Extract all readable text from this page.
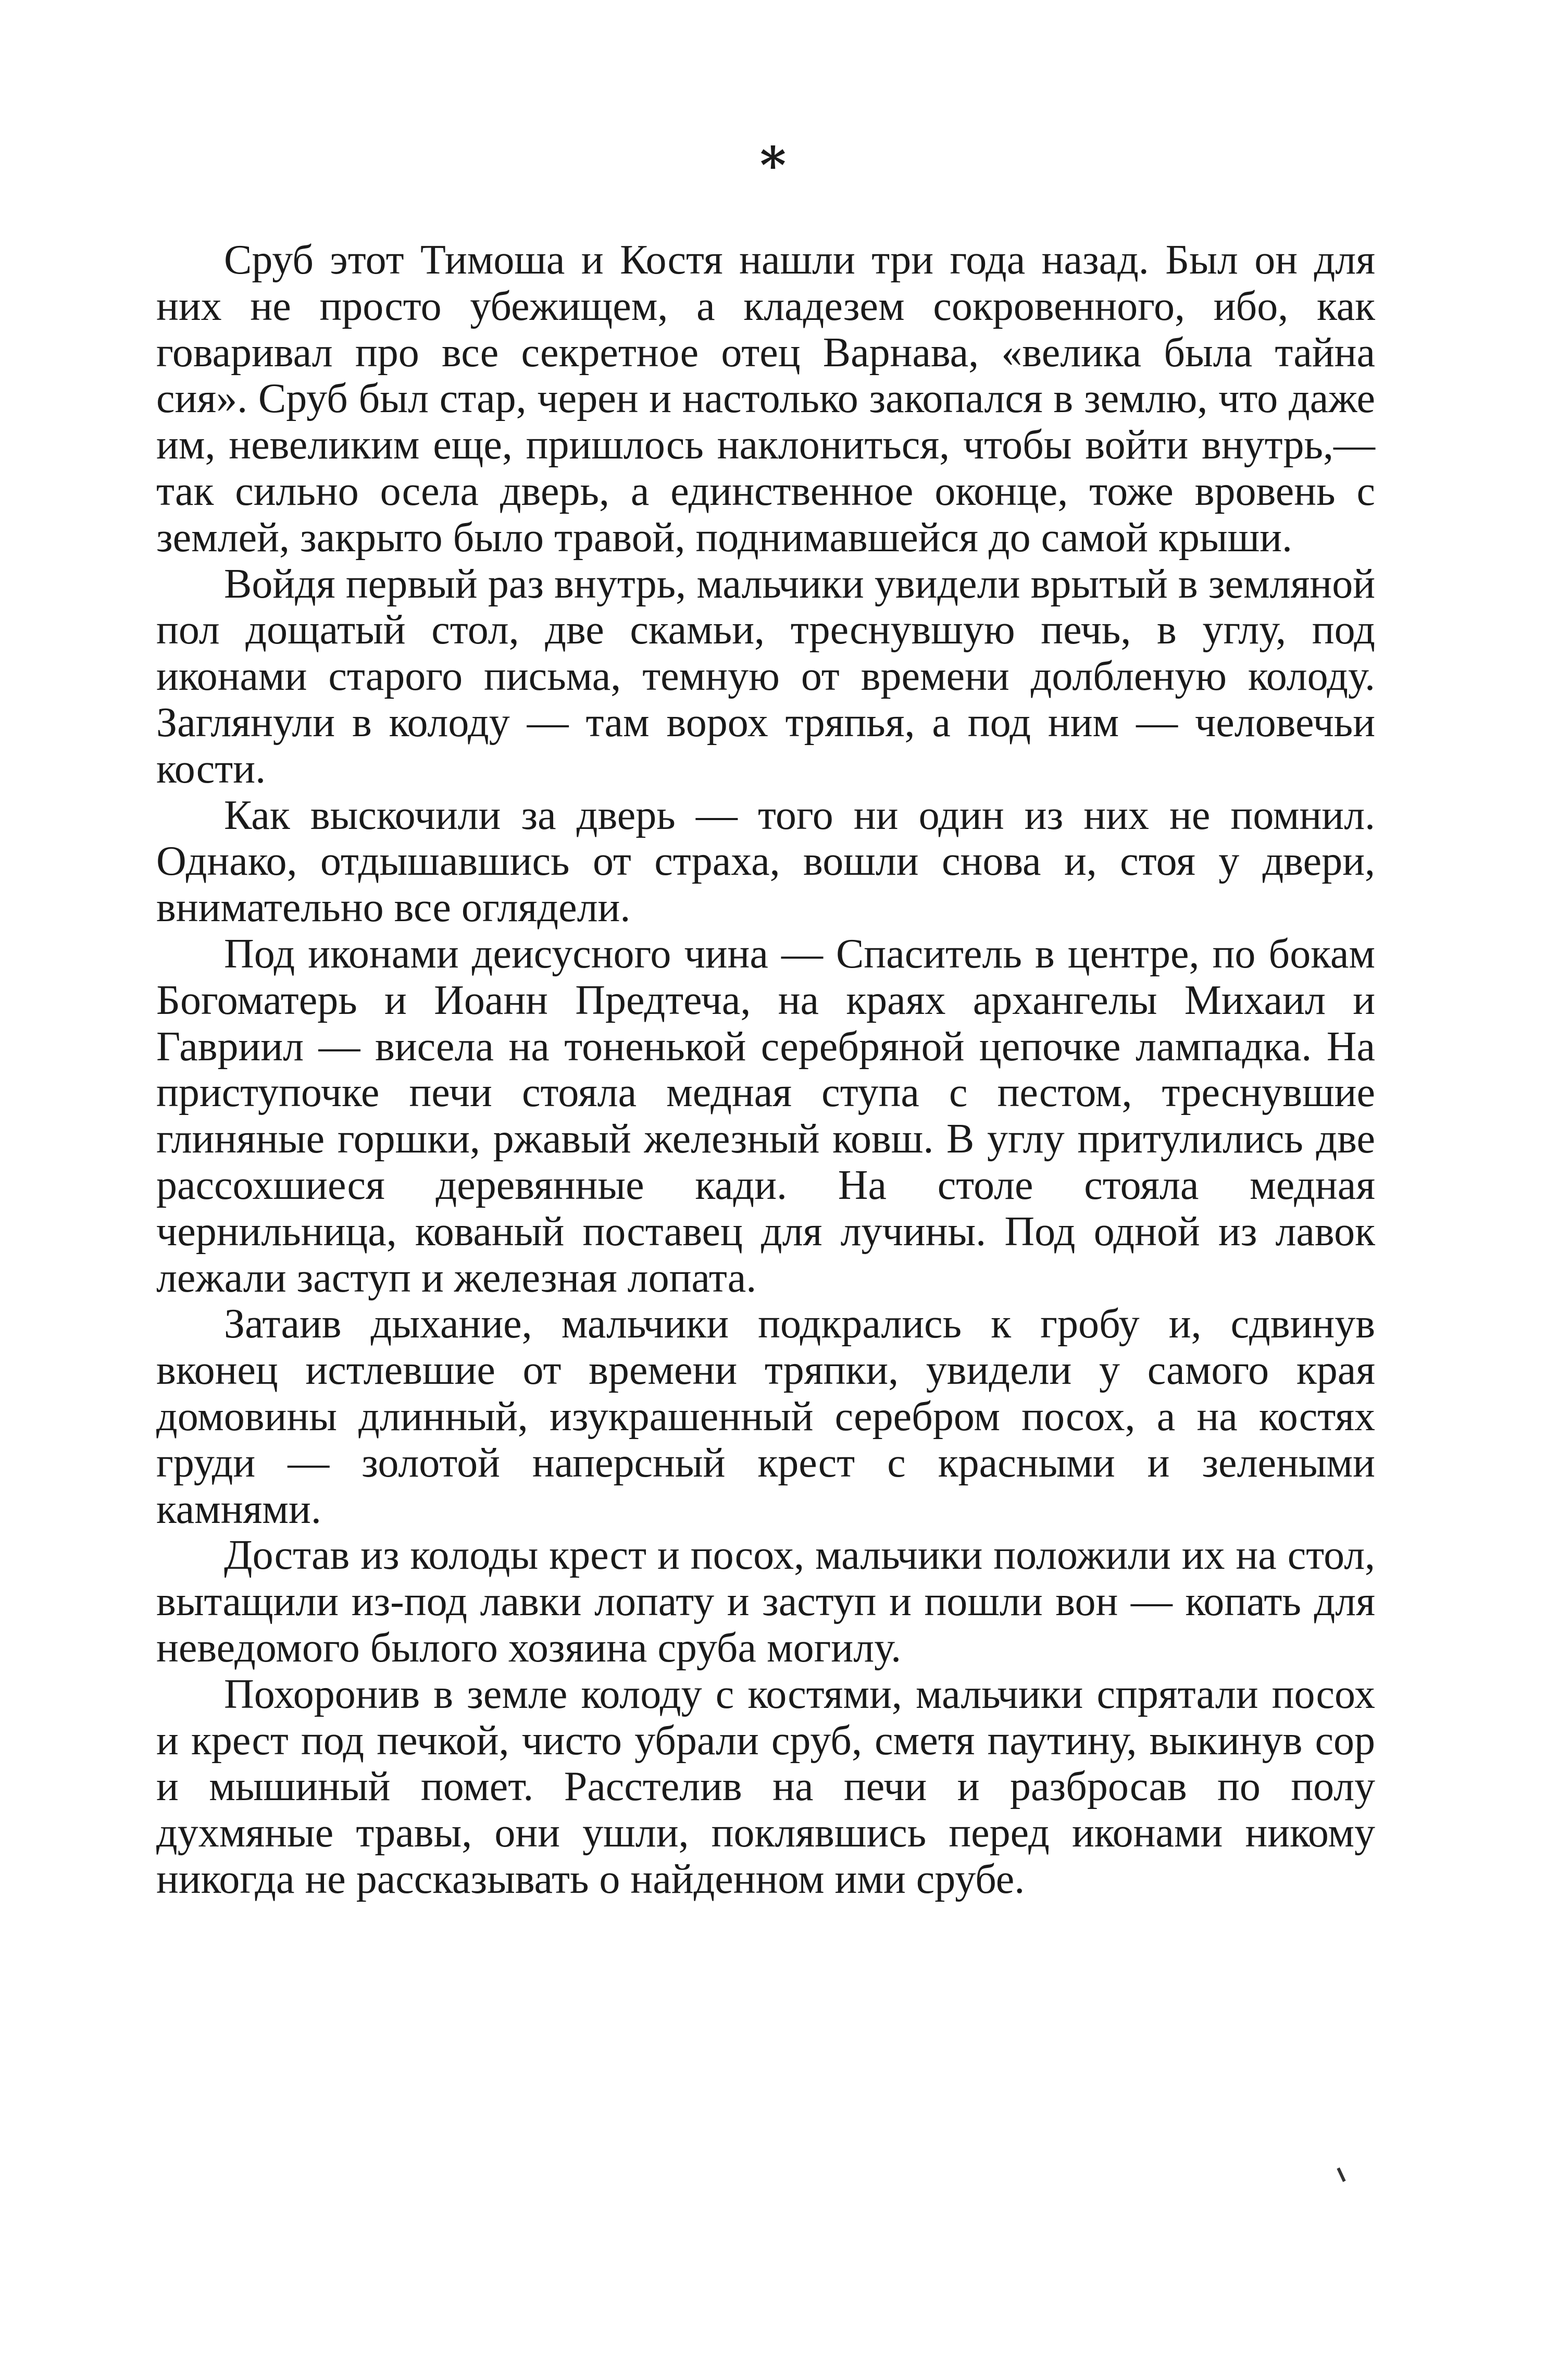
*

Сруб этот Тимоша и Костя нашли три года назад. Был он для них не просто убежищем, а кладезем сокровенного, ибо, как говаривал про все секретное отец Варнава, «велика была тайна сия». Сруб был стар, черен и настолько закопался в землю, что даже им, невеликим еще, пришлось наклониться, чтобы войти внутрь,— так сильно осела дверь, а единственное оконце, тоже вровень с землей, закрыто было травой, поднимавшейся до самой крыши.

Войдя первый раз внутрь, мальчики увидели врытый в земляной пол дощатый стол, две скамьи, треснувшую печь, в углу, под иконами старого письма, темную от времени долбленую колоду. Заглянули в колоду — там ворох тряпья, а под ним — человечьи кости.

Как выскочили за дверь — того ни один из них не помнил. Однако, отдышавшись от страха, вошли снова и, стоя у двери, внимательно все оглядели.

Под иконами деисусного чина — Спаситель в центре, по бокам Богоматерь и Иоанн Предтеча, на краях архангелы Михаил и Гавриил — висела на тоненькой серебряной цепочке лампадка. На приступочке печи стояла медная ступа с пестом, треснувшие глиняные горшки, ржавый железный ковш. В углу притулились две рассохшиеся деревянные кади. На столе стояла медная чернильница, кованый поставец для лучины. Под одной из лавок лежали заступ и железная лопата.

Затаив дыхание, мальчики подкрались к гробу и, сдвинув вконец истлевшие от времени тряпки, увидели у самого края домовины длинный, изукрашенный серебром посох, а на костях груди — золотой наперсный крест с красными и зелеными камнями.

Достав из колоды крест и посох, мальчики положили их на стол, вытащили из-под лавки лопату и заступ и пошли вон — копать для неведомого былого хозяина сруба могилу.

Похоронив в земле колоду с костями, мальчики спрятали посох и крест под печкой, чисто убрали сруб, сметя паутину, выкинув сор и мышиный помет. Расстелив на печи и разбросав по полу духмяные травы, они ушли, поклявшись перед иконами никому никогда не рассказывать о найденном ими срубе.
